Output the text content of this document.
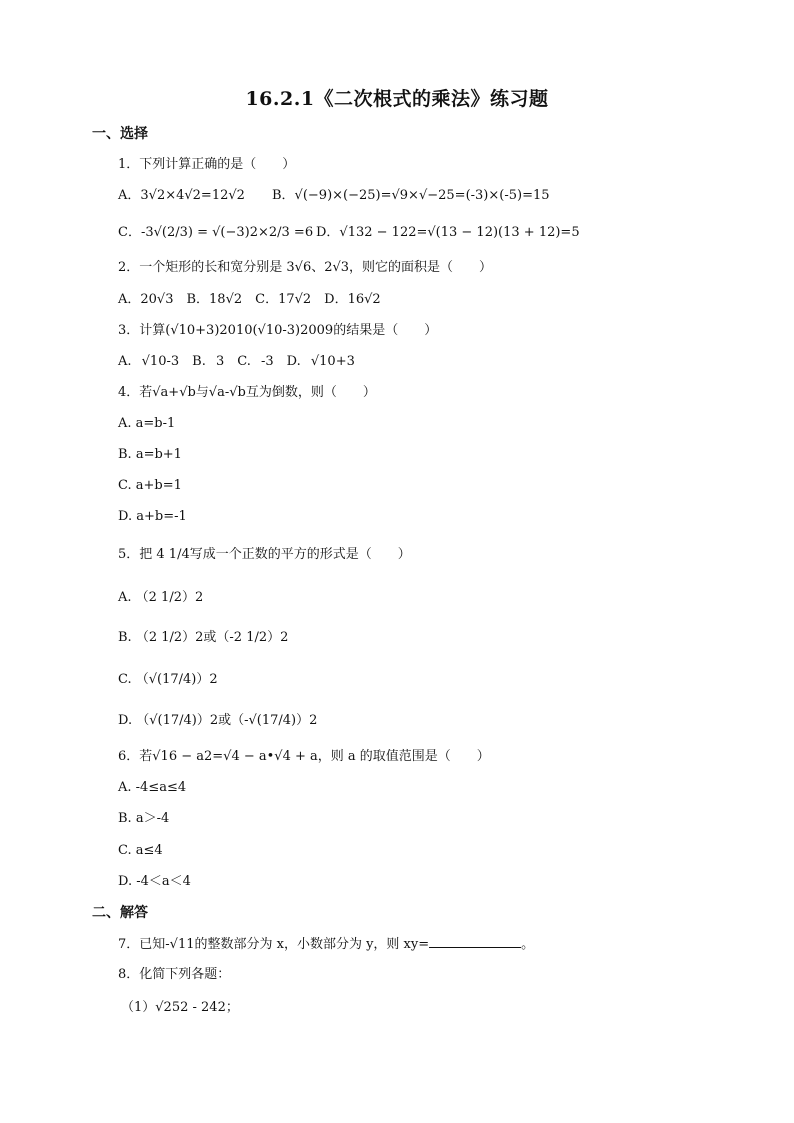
16.2.1《二次根式的乘法》练习题
一、选择
1．下列计算正确的是（　　）
A．3√2×4√2=12√2 B．√(−9)×(−25)=√9×√−25=(-3)×(-5)=15
C．-3√(2/3) = √(−3)2×2/3 =6 D．√132 − 122=√(13 − 12)(13 + 12)=5
2．一个矩形的长和宽分别是 3√6、2√3，则它的面积是（　　）
A．20√3　B．18√2　C．17√2　D．16√2
3．计算(√10+3)2010(√10-3)2009的结果是（　　）
A. √10-3　B. 3　C. -3　D. √10+3
4．若√a+√b与√a-√b互为倒数，则（　　）
A. a=b-1
B. a=b+1
C. a+b=1
D. a+b=-1
5．把 4 1/4写成一个正数的平方的形式是（　　）
A. （2 1/2）2
B. （2 1/2）2或（-2 1/2）2
C. （√(17/4)）2
D. （√(17/4)）2或（-√(17/4)）2
6．若√16 − a2=√4 − a•√4 + a，则 a 的取值范围是（　　）
A. -4≤a≤4
B. a＞-4
C. a≤4
D. -4＜a＜4
二、解答
7．已知-√11的整数部分为 x，小数部分为 y，则 xy=	。
8．化简下列各题：
（1）√252 - 242；
